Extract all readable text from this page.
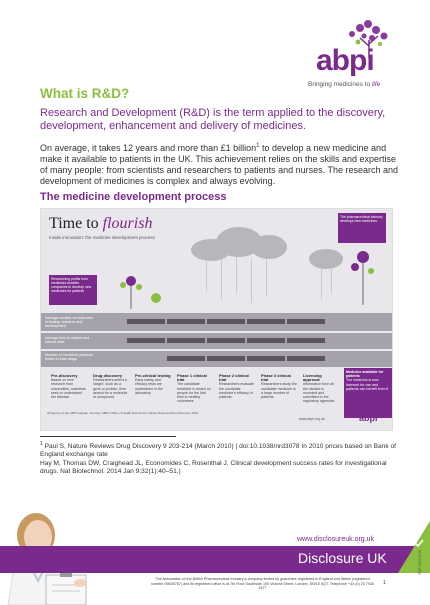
abpi
Bringing medicines to life
What is R&D?

Research and Development (R&D) is the term applied to the discovery, development, enhancement and delivery of medicines.

On average, it takes 12 years and more than £1 billion$^1$ to develop a new medicine and make it available to patients in the UK. This achievement relies on the skills and expertise of many people: from scientists and researchers to patients and nurses. The research and development of medicines is complex and always evolving.

The medicine development process
Time to flourish
Inside innovation: the medicine development process
Researching profits from medicines enables companies to develop new medicines for patients
The pharmaceutical industry develops new medicines
Average number of molecules in testing: research and development
Average time to market and clinical trials
Number of medicinal products tested in each stage
Pre-discovery
Based on new research from universities, scientists seek to understand the disease
Drug discovery
Researchers select a 'target', such as a gene or protein, then search for a molecule or compound
Pre-clinical testing
Early safety and efficacy tests are undertaken in the laboratory
Phase 1 clinical trial
The candidate medicine is tested on people for the first time in healthy volunteers
Phase 2 clinical trial
Researchers evaluate the candidate medicine's efficacy in patients
Phase 3 clinical trial
Researchers study the candidate medicine in a large number of patients
Licensing approval
Information from all the studies is recorded and submitted to the regulatory agencies
Medicine available for patients
The medicine is now licensed for use and patients can benefit from it
All figures on the ABPI website. Sources: ABPI; Office of Health Economics; Nature Reviews Drug Discovery 2010.
www.abpi.org.uk	abpi
$^1$ Paul S, Nature Reviews Drug Discovery 9 203-214 (March 2010) | doi:10.1038/nrd3078 In 2010 prices based on Bank of England exchange rate
Hay M, Thomas DW, Craighead JL, Economides C, Rosenthal J. Clinical development success rates for investigational drugs. Nat Biotechnol. 2014 Jan 9;32(1):40–51.)
www.disclosureuk.org.uk
Disclosure UK
The Association of the British Pharmaceutical Industry a company limited by guarantee registered in England and Wales (registered number 09826787) and its registered office is at 7th Floor Southside 105 Victoria Street, London, SW1E 6QT. Telephone +44 (0) 20 7930 3477
1
REF 0009 0019
